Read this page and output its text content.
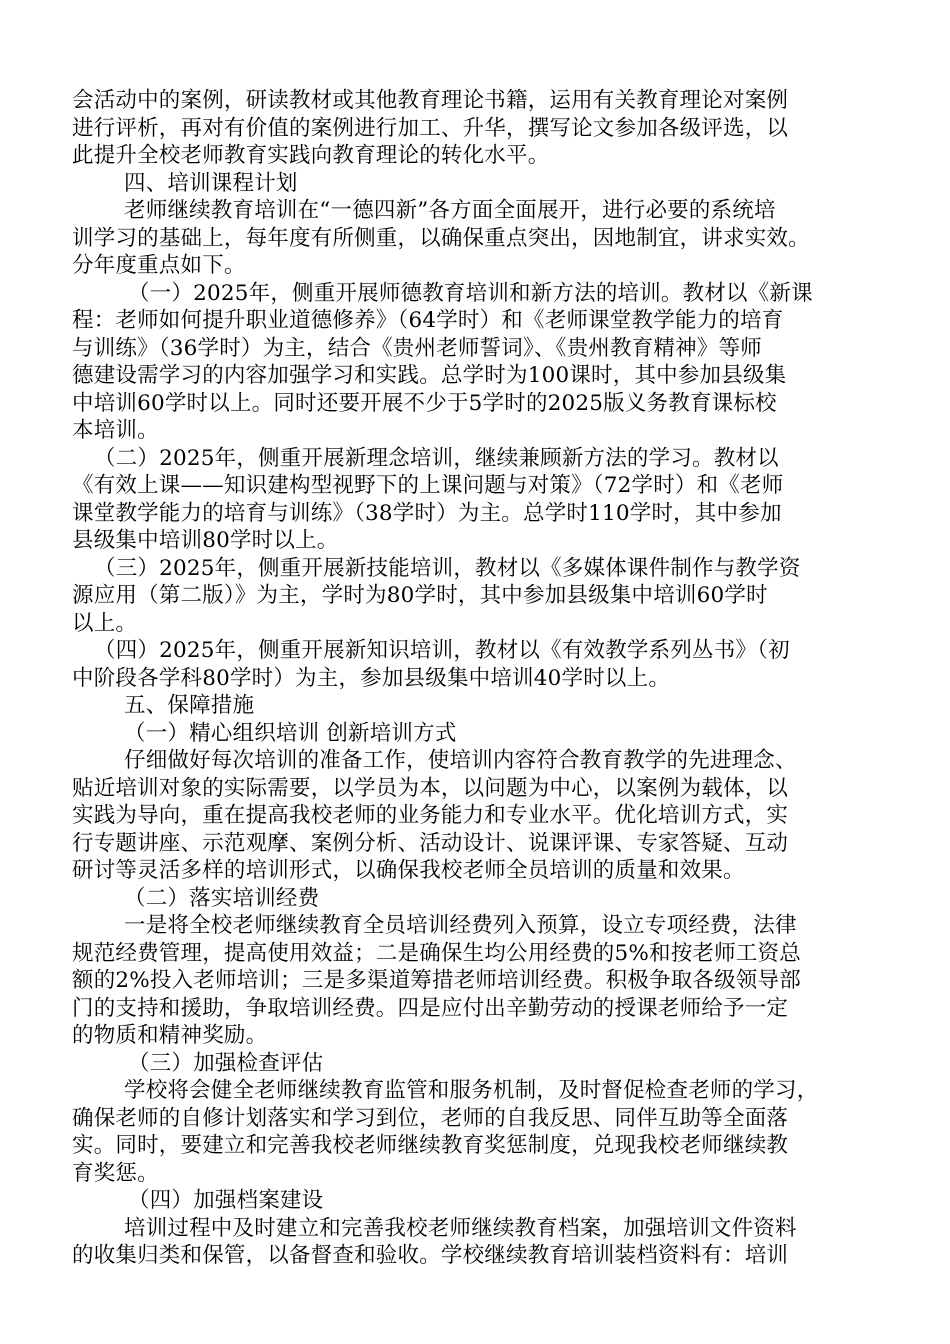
会活动中的案例，研读教材或其他教育理论书籍，运用有关教育理论对案例
进行评析，再对有价值的案例进行加工、升华，撰写论文参加各级评选，以
此提升全校老师教育实践向教育理论的转化水平。
四、培训课程计划
老师继续教育培训在“一德四新”各方面全面展开，进行必要的系统培
训学习的基础上，每年度有所侧重，以确保重点突出，因地制宜，讲求实效。
分年度重点如下。
（一）2025年，侧重开展师德教育培训和新方法的培训。教材以《新课
程：老师如何提升职业道德修养》（64学时）和《老师课堂教学能力的培育
与训练》（36学时）为主，结合《贵州老师誓词》、《贵州教育精神》等师
德建设需学习的内容加强学习和实践。总学时为100课时，其中参加县级集
中培训60学时以上。同时还要开展不少于5学时的2025版义务教育课标校
本培训。
（二）2025年，侧重开展新理念培训，继续兼顾新方法的学习。教材以
《有效上课——知识建构型视野下的上课问题与对策》（72学时）和《老师
课堂教学能力的培育与训练》（38学时）为主。总学时110学时，其中参加
县级集中培训80学时以上。
（三）2025年，侧重开展新技能培训，教材以《多媒体课件制作与教学资
源应用（第二版）》为主，学时为80学时，其中参加县级集中培训60学时
以上。
（四）2025年，侧重开展新知识培训，教材以《有效教学系列丛书》（初
中阶段各学科80学时）为主，参加县级集中培训40学时以上。
五、保障措施
（一）精心组织培训 创新培训方式
仔细做好每次培训的准备工作，使培训内容符合教育教学的先进理念、
贴近培训对象的实际需要，以学员为本，以问题为中心，以案例为载体，以
实践为导向，重在提高我校老师的业务能力和专业水平。优化培训方式，实
行专题讲座、示范观摩、案例分析、活动设计、说课评课、专家答疑、互动
研讨等灵活多样的培训形式，以确保我校老师全员培训的质量和效果。
（二）落实培训经费
一是将全校老师继续教育全员培训经费列入预算，设立专项经费，法律
规范经费管理，提高使用效益；二是确保生均公用经费的5%和按老师工资总
额的2%投入老师培训；三是多渠道筹措老师培训经费。积极争取各级领导部
门的支持和援助，争取培训经费。四是应付出辛勤劳动的授课老师给予一定
的物质和精神奖励。
（三）加强检查评估
学校将会健全老师继续教育监管和服务机制，及时督促检查老师的学习，
确保老师的自修计划落实和学习到位，老师的自我反思、同伴互助等全面落
实。同时，要建立和完善我校老师继续教育奖惩制度，兑现我校老师继续教
育奖惩。
（四）加强档案建设
培训过程中及时建立和完善我校老师继续教育档案，加强培训文件资料
的收集归类和保管，以备督查和验收。学校继续教育培训装档资料有：培训
